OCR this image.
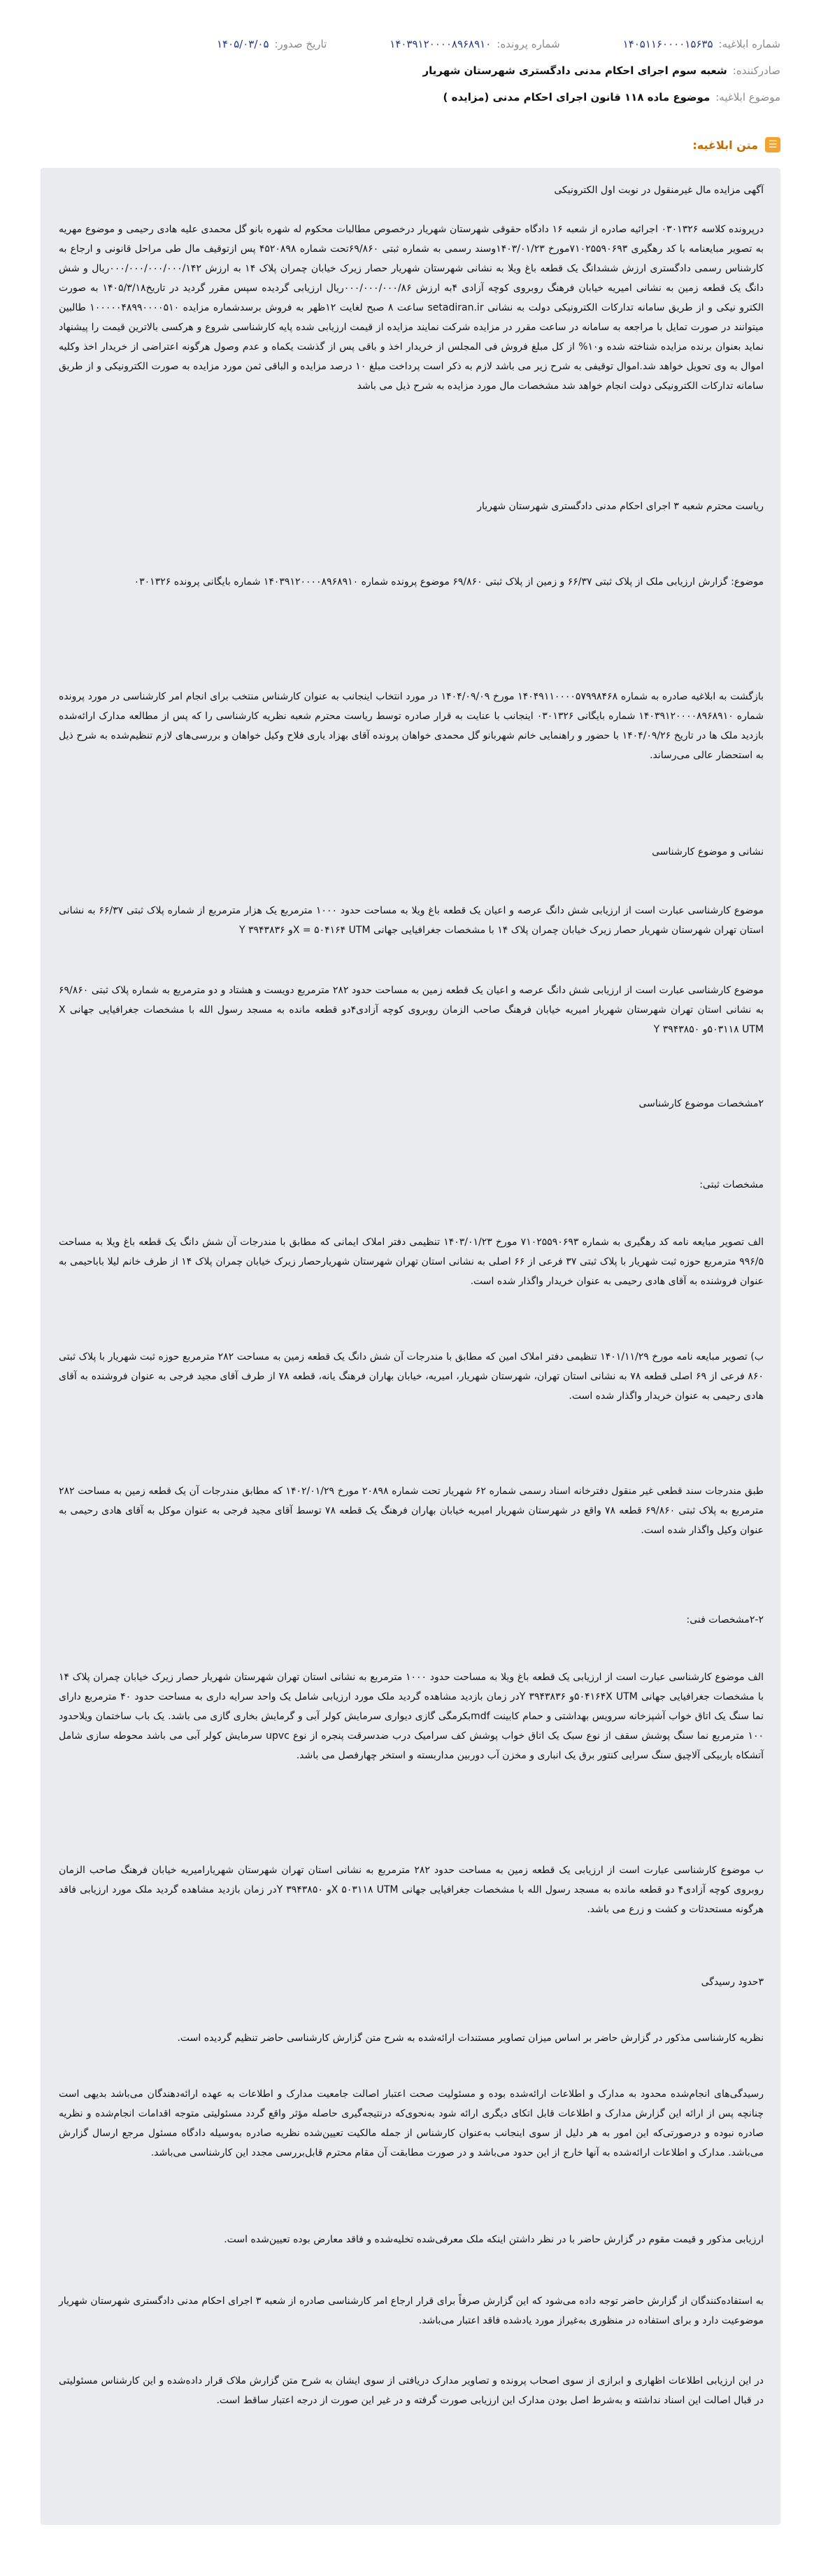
شماره ابلاغیه:
۱۴۰۵۱۱۶۰۰۰۰۱۵۶۳۵
شماره پرونده:
۱۴۰۳۹۱۲۰۰۰۰۸۹۶۸۹۱۰
تاریخ صدور:
۱۴۰۵/۰۳/۰۵
صادرکننده:
شعبه سوم اجرای احکام مدنی دادگستری شهرستان شهریار
موضوع ابلاغیه:
موضوع ماده ۱۱۸ قانون اجرای احکام مدنی (مزایده )
☰
متن ابلاغیه:
آگهی مزایده مال غیرمنقول در نوبت اول الکترونیکی
درپرونده کلاسه ۰۳۰۱۳۲۶ اجرائیه صادره از شعبه ۱۶ دادگاه حقوقی شهرستان شهریار درخصوص مطالبات محکوم له شهره بانو گل محمدی علیه هادی رحیمی و موضوع مهریه به تصویر مبایعنامه با کد رهگیری ۷۱۰۲۵۵۹۰۶۹۳مورخ ۱۴۰۳/۰۱/۲۳وسند رسمی به شماره ثبتی ۶۹/۸۶۰تحت شماره ۴۵۲۰۸۹۸ پس ازتوقیف مال طی مراحل قانونی و ارجاع به کارشناس رسمی دادگستری ارزش ششدانگ یک قطعه باغ ویلا به نشانی شهرستان شهریار حصار زیرک خیابان چمران پلاک ۱۴ به ارزش ۰۰۰/۰۰۰/۰۰۰/۰۰۰/۱۴۲ریال و شش دانگ یک قطعه زمین به نشانی امیریه خیابان فرهنگ روبروی کوچه آزادی ۴به ارزش ۰۰۰/۰۰۰/۰۰۰/۸۶ریال ارزیابی گردیده سپس مقرر گردید در تاریخ۱۴۰۵/۳/۱۸ به صورت الکترو نیکی و از طریق سامانه تدارکات الکترونیکی دولت به نشانی setadiran.ir ساعت ۸ صبح لغایت ۱۲ظهر به فروش برسدشماره مزایده ۱۰۰۰۰۰۴۸۹۹۰۰۰۰۵۱۰ طالبین میتوانند در صورت تمایل با مراجعه به سامانه در ساعت مقرر در مزایده شرکت نمایند مزایده از قیمت ارزیابی شده پایه کارشناسی شروع و هرکسی بالاترین قیمت را پیشنهاد نماید بعنوان برنده مزایده شناخته شده و۱۰% از کل مبلغ فروش فی المجلس از خریدار اخذ و باقی پس از گذشت یکماه و عدم وصول هرگونه اعتراضی از خریدار اخذ وکلیه اموال به وی تحویل خواهد شد.اموال توقیفی به شرح زیر می باشد لازم به ذکر است پرداخت مبلغ ۱۰ درصد مزایده و الباقی ثمن مورد مزایده به صورت الکترونیکی و از طریق سامانه تدارکات الکترونیکی دولت انجام خواهد شد مشخصات مال مورد مزایده به شرح ذیل می باشد
ریاست محترم شعبه ۳ اجرای احکام مدنی دادگستری شهرستان شهریار
موضوع: گزارش ارزیابی ملک از پلاک ثبتی ۶۶/۳۷ و زمین از پلاک ثبتی ۶۹/۸۶۰ موضوع پرونده شماره ۱۴۰۳۹۱۲۰۰۰۰۸۹۶۸۹۱۰ شماره بایگانی پرونده ۰۳۰۱۳۲۶
بازگشت به ابلاغیه صادره به شماره ۱۴۰۴۹۱۱۰۰۰۰۵۷۹۹۸۴۶۸ مورخ ۱۴۰۴/۰۹/۰۹ در مورد انتخاب اینجانب به عنوان کارشناس منتخب برای انجام امر کارشناسی در مورد پرونده شماره ۱۴۰۳۹۱۲۰۰۰۰۸۹۶۸۹۱۰ شماره بایگانی ۰۳۰۱۳۲۶ اینجانب با عنایت به قرار صادره توسط ریاست محترم شعبه نظریه کارشناسی را که پس از مطالعه مدارک ارائه‌شده بازدید ملک ها در تاریخ ۱۴۰۴/۰۹/۲۶ با حضور و راهنمایی خانم شهربانو گل محمدی خواهان پرونده آقای بهزاد یاری فلاح وکیل خواهان و بررسی‌های لازم تنظیم‌شده به شرح ذیل به استحضار عالی می‌رساند.
نشانی و موضوع کارشناسی
موضوع کارشناسی عبارت است از ارزیابی شش دانگ عرصه و اعیان یک قطعه باغ ویلا به مساحت حدود ۱۰۰۰ مترمربع یک هزار مترمربع از شماره پلاک ثبتی ۶۶/۳۷ به نشانی استان تهران شهرستان شهریار حصار زیرک خیابان چمران پلاک ۱۴ با مشخصات جغرافیایی جهانی X = ۵۰۴۱۶۴ UTMو ۳۹۴۳۸۳۶ Y
موضوع کارشناسی عبارت است از ارزیابی شش دانگ عرصه و اعیان یک قطعه زمین به مساحت حدود ۲۸۲ مترمربع دویست و هشتاد و دو مترمربع به شماره پلاک ثبتی ۶۹/۸۶۰ به نشانی استان تهران شهرستان شهریار امیریه خیابان فرهنگ صاحب الزمان روبروی کوچه آزادی۴دو قطعه مانده به مسجد رسول الله با مشخصات جغرافیایی جهانی X ۵۰۳۱۱۸ UTMو ۳۹۴۳۸۵۰ Y
۲مشخصات موضوع کارشناسی
مشخصات ثبتی:
الف تصویر مبایعه نامه کد رهگیری به شماره ۷۱۰۲۵۵۹۰۶۹۳ مورخ ۱۴۰۳/۰۱/۲۳ تنظیمی دفتر املاک ایمانی که مطابق با مندرجات آن شش دانگ یک قطعه باغ ویلا به مساحت ۹۹۶/۵ مترمربع حوزه ثبت شهریار با پلاک ثبتی ۳۷ فرعی از ۶۶ اصلی به نشانی استان تهران شهرستان شهریارحصار زیرک خیابان چمران پلاک ۱۴ از طرف خانم لیلا باباحیمی به عنوان فروشنده به آقای هادی رحیمی به عنوان خریدار واگذار شده است.
ب) تصویر مبایعه نامه مورخ ۱۴۰۱/۱۱/۲۹ تنظیمی دفتر املاک امین که مطابق با مندرجات آن شش دانگ یک قطعه زمین به مساحت ۲۸۲ مترمربع حوزه ثبت شهریار با پلاک ثبتی ۸۶۰ فرعی از ۶۹ اصلی قطعه ۷۸ به نشانی استان تهران، شهرستان شهریار، امیریه، خیابان بهاران فرهنگ یانه، قطعه ۷۸ از طرف آقای مجید فرجی به عنوان فروشنده به آقای هادی رحیمی به عنوان خریدار واگذار شده است.
طبق مندرجات سند قطعی غیر منقول دفترخانه اسناد رسمی شماره ۶۲ شهریار تحت شماره ۲۰۸۹۸ مورخ ۱۴۰۲/۰۱/۲۹ که مطابق مندرجات آن یک قطعه زمین به مساحت ۲۸۲ مترمربع به پلاک ثبتی ۶۹/۸۶۰ قطعه ۷۸ واقع در شهرستان شهریار امیریه خیابان بهاران فرهنگ یک قطعه ۷۸ توسط آقای مجید فرجی به عنوان موکل به آقای هادی رحیمی به عنوان وکیل واگذار شده است.
۲-۲مشخصات فنی:
الف موضوع کارشناسی عبارت است از ارزیابی یک قطعه باغ ویلا به مساحت حدود ۱۰۰۰ مترمربع به نشانی استان تهران شهرستان شهریار حصار زیرک خیابان چمران پلاک ۱۴ با مشخصات جغرافیایی جهانی ۵۰۴۱۶۴X UTMو ۳۹۴۳۸۳۶ Yدر زمان بازدید مشاهده گردید ملک مورد ارزیابی شامل یک واحد سرایه داری به مساحت حدود ۴۰ مترمربع دارای نما سنگ یک اتاق خواب آشپزخانه سرویس بهداشتی و حمام کابینت mdfبکرمگی گازی دیواری سرمایش کولر آبی و گرمایش بخاری گازی می باشد. یک باب ساختمان ویلاحدود ۱۰۰ مترمربع نما سنگ پوشش سقف از نوع سبک یک اتاق خواب پوشش کف سرامیک درب ضدسرقت پنجره از نوع upvc سرمایش کولر آبی می باشد محوطه سازی شامل آتشکاه باربیکی آلاچیق سنگ سرایی کنتور برق یک انباری و مخزن آب دوربین مداربسته و استخر چهارفصل می باشد.
ب موضوع کارشناسی عبارت است از ارزیابی یک قطعه زمین به مساحت حدود ۲۸۲ مترمربع به نشانی استان تهران شهرستان شهریارامیریه خیابان فرهنگ صاحب الزمان روبروی کوچه آزادی۴ دو قطعه مانده به مسجد رسول الله با مشخصات جغرافیایی جهانی X ۵۰۳۱۱۸ UTMو ۳۹۴۳۸۵۰ Yدر زمان بازدید مشاهده گردید ملک مورد ارزیابی فاقد هرگونه مستحدثات و کشت و زرع می باشد.
۳حدود رسیدگی
نظریه کارشناسی مذکور در گزارش حاضر بر اساس میزان تصاویر مستندات ارائه‌شده به شرح متن گزارش کارشناسی حاضر تنظیم گردیده است.
رسیدگی‌های انجام‌شده محدود به مدارک و اطلاعات ارائه‌شده بوده و مسئولیت صحت اعتبار اصالت جامعیت مدارک و اطلاعات به عهده ارائه‌دهندگان می‌باشد بدیهی است چنانچه پس از ارائه این گزارش مدارک و اطلاعات قابل اتکای دیگری ارائه شود به‌نحوی‌که درنتیجه‌گیری حاصله مؤثر واقع گردد مسئولیتی متوجه اقدامات انجام‌شده و نظریه صادره نبوده و درصورتی‌که این امور به هر دلیل از سوی اینجانب به‌عنوان کارشناس از جمله مالکیت تعیین‌شده نظریه صادره به‌وسیله دادگاه مسئول مرجع ارسال گزارش می‌باشد. مدارک و اطلاعات ارائه‌شده به آنها خارج از این حدود می‌باشد و در صورت مطابقت آن مقام محترم قابل‌بررسی مجدد این کارشناسی می‌باشد.
ارزیابی مذکور و قیمت مقوم در گزارش حاضر با در نظر داشتن اینکه ملک معرفی‌شده تخلیه‌شده و فاقد معارض بوده تعیین‌شده است.
به استفاده‌کنندگان از گزارش حاضر توجه داده می‌شود که این گزارش صرفاً برای قرار ارجاع امر کارشناسی صادره از شعبه ۳ اجرای احکام مدنی دادگستری شهرستان شهریار موضوعیت دارد و برای استفاده در منظوری به‌غیراز مورد یادشده فاقد اعتبار می‌باشد.
در این ارزیابی اطلاعات اظهاری و ابرازی از سوی اصحاب پرونده و تصاویر مدارک دریافتی از سوی ایشان به شرح متن گزارش ملاک قرار داده‌شده و این کارشناس مسئولیتی در قبال اصالت این اسناد نداشته و به‌شرط اصل بودن مدارک این ارزیابی صورت گرفته و در غیر این صورت از درجه اعتبار ساقط است.
